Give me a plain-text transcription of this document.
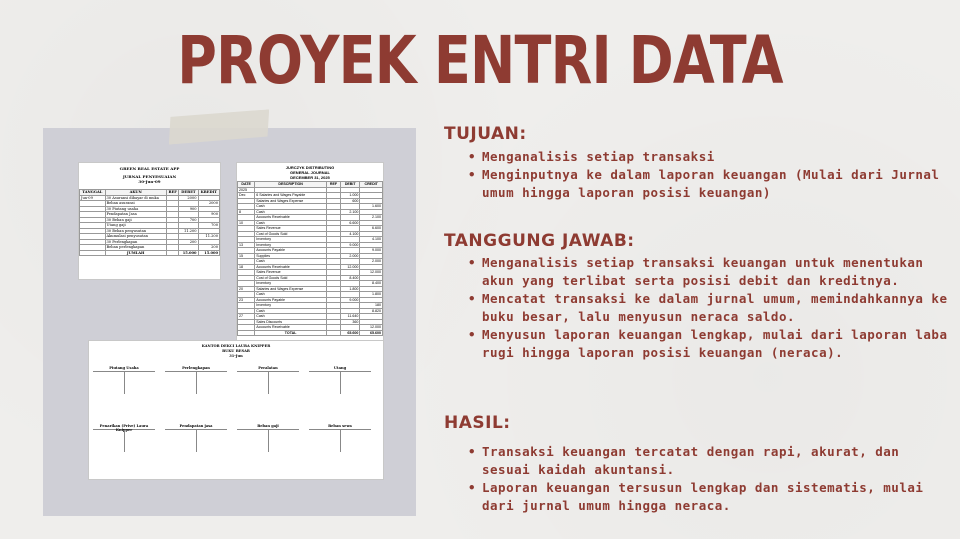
PROYEK ENTRI DATA
GREEN REAL ESTATE APP
JURNAL PENYESUAIAN
30-Jun-09
TANGGAL	AKUN	REF	DEBET	KREDIT
Jun-09	30 Asuransi dibayar di muka		2000	
	Beban asuransi			2000
	30 Piutang usaha		900	
	Pendapatan Jasa			900
	30 Beban gaji		700	
	Utang gaji			700
	30 Beban penyusutan		11.200	
	Akumulasi penyusutan			11.200
	30 Perlengkapan		200	
	Beban perlengkapan			200
	JUMLAH		15.000	15.000
JURCZYK DISTRIBUTING
GENERAL JOURNAL
DECEMBER 31, 2025
DATE	DESCRIPTION	REF	DEBIT	CREDIT
2025				
Dec	6 Salaries and Wages Payable		1.000	
	Salaries and Wages Expense		600	
	Cash			1.600
8	Cash		2.100	
	Accounts Receivable			2.100
10	Cash		6.600	
	Sales Revenue			6.600
	Cost of Goods Sold		4.100	
	Inventory			4.100
13	Inventory		9.000	
	Accounts Payable			9.000
15	Supplies		2.000	
	Cash			2.000
18	Accounts Receivable		12.000	
	Sales Revenue			12.000
	Cost of Goods Sold		8.400	
	Inventory			8.400
20	Salaries and Wages Expense		1.800	
	Cash			1.800
23	Accounts Payable		9.000	
	Inventory			180
	Cash			8.820
27	Cash		11.640	
	Sales Discounts		360	
	Accounts Receivable			12.000
	TOTAL		65.600	65.600
KANTOR DEKCI LAURA KNIPPER
BUKU BESAR
31-Jun
Piutang Usaha	Perlengkapan	Peralatan	Utang
Penarikan (Prive) Laura Knipper
Pendapatan jasa	Beban gaji	Beban sewa
TUJUAN:
• Menganalisis setiap transaksi
• Menginputnya ke dalam laporan keuangan (Mulai dari Jurnal umum hingga laporan posisi keuangan)
TANGGUNG JAWAB:
• Menganalisis setiap transaksi keuangan untuk menentukan akun yang terlibat serta posisi debit dan kreditnya.
• Mencatat transaksi ke dalam jurnal umum, memindahkannya ke buku besar, lalu menyusun neraca saldo.
• Menyusun laporan keuangan lengkap, mulai dari laporan laba rugi hingga laporan posisi keuangan (neraca).
HASIL:
• Transaksi keuangan tercatat dengan rapi, akurat, dan sesuai kaidah akuntansi.
• Laporan keuangan tersusun lengkap dan sistematis, mulai dari jurnal umum hingga neraca.
